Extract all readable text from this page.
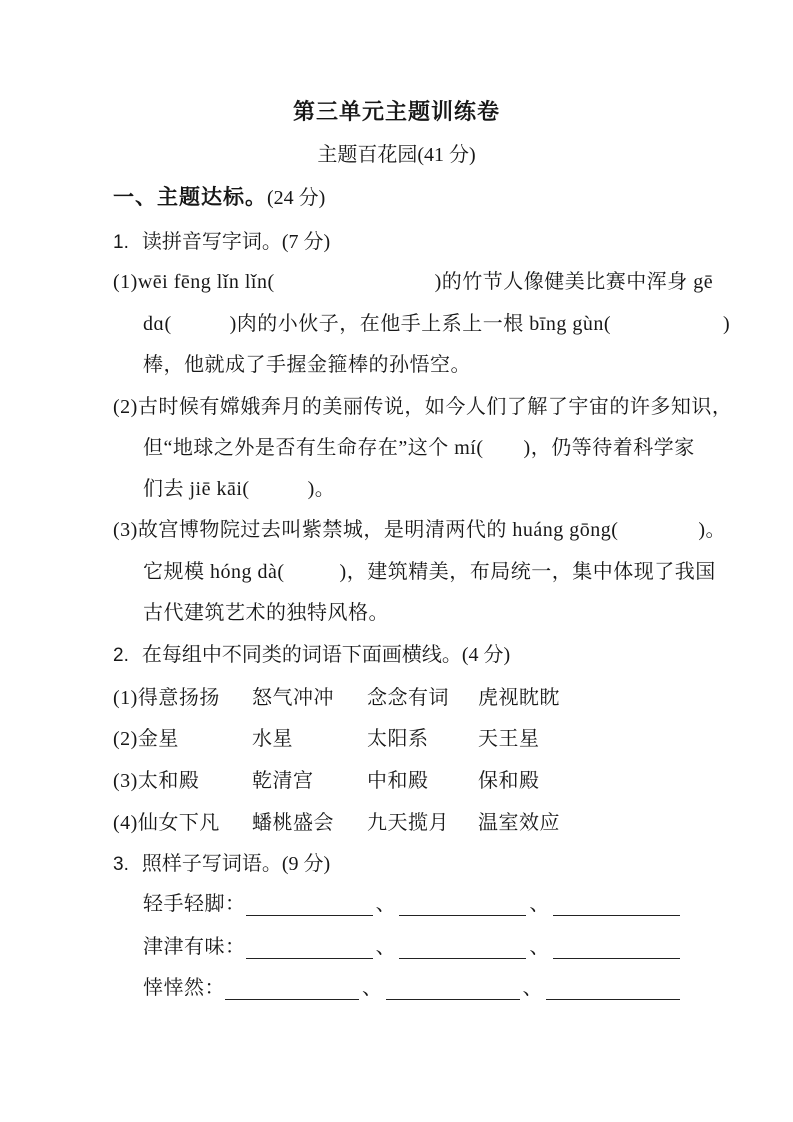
第三单元主题训练卷
主题百花园(41 分)
一、主题达标。(24 分)
1. 读拼音写字词。(7 分)
(1)wēi fēng lǐn lǐn(	)的竹节人像健美比赛中浑身 gē
dɑ(	)肉的小伙子，在他手上系上一根 bīng gùn(	)
棒，他就成了手握金箍棒的孙悟空。
(2)古时候有嫦娥奔月的美丽传说，如今人们了解了宇宙的许多知识，
但“地球之外是否有生命存在”这个 mí( )，仍等待着科学家
们去 jiē kāi(	)。
(3)故宫博物院过去叫紫禁城，是明清两代的 huáng gōng(	)。
它规模 hóng dà(	)，建筑精美，布局统一，集中体现了我国
古代建筑艺术的独特风格。
2. 在每组中不同类的词语下面画横线。(4 分)
(1)得意扬扬	怒气冲冲	念念有词	虎视眈眈
(2)金星	水星	太阳系	天王星
(3)太和殿	乾清宫	中和殿	保和殿
(4)仙女下凡	蟠桃盛会	九天揽月	温室效应
3. 照样子写词语。(9 分)
轻手轻脚：	、	、
津津有味：	、	、
悻悻然：	、	、
